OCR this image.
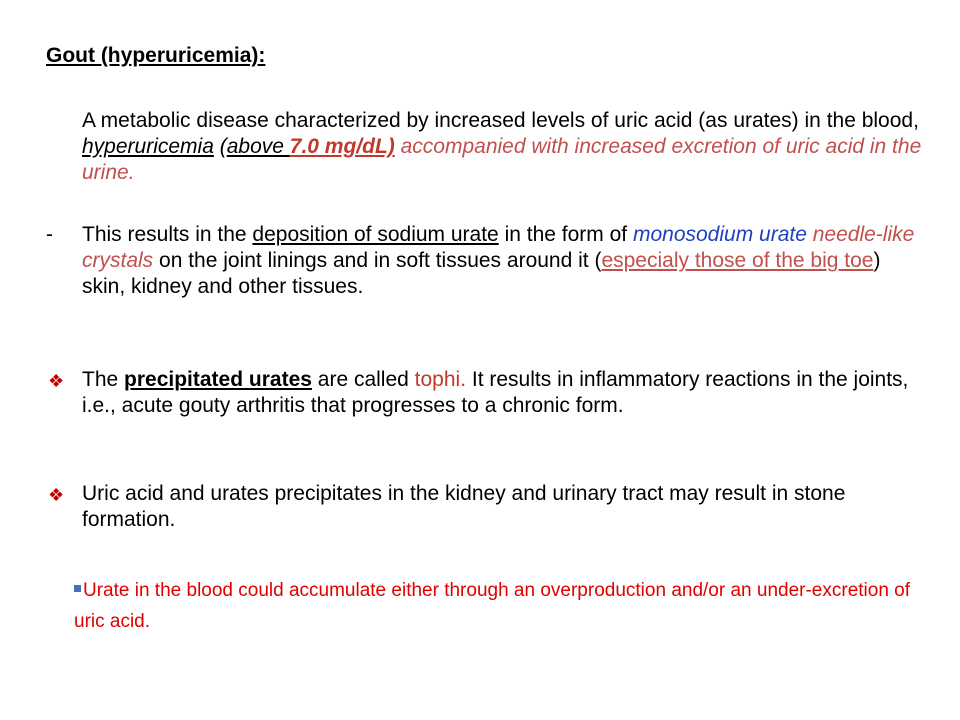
Gout (hyperuricemia):

A metabolic disease characterized by increased levels of uric acid (as urates) in the blood, hyperuricemia (above 7.0 mg/dL) accompanied with increased excretion of uric acid in the urine.

- This results in the deposition of sodium urate in the form of monosodium urate needle-like crystals on the joint linings and in soft tissues around it (especialy those of the big toe) skin, kidney and other tissues.

❖ The precipitated urates are called tophi. It results in inflammatory reactions in the joints, i.e., acute gouty arthritis that progresses to a chronic form.

❖ Uric acid and urates precipitates in the kidney and urinary tract may result in stone formation.

Urate in the blood could accumulate either through an overproduction and/or an under-excretion of uric acid.
